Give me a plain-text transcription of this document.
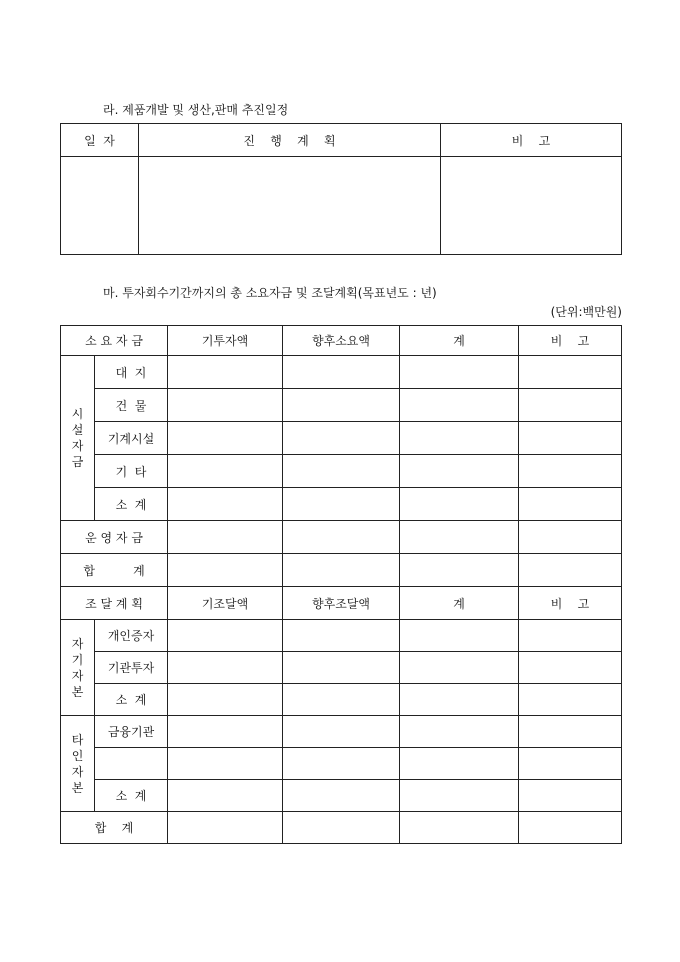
라. 제품개발 및 생산,판매 추진일정
일  자	진    행    계    획	비    고

마. 투자회수기간까지의 총 소요자금 및 조달계획(목표년도 : 년)
(단위:백만원)
소 요 자 금		기투자액	향후소요액	계	비    고

시
설
자
금	대  지				
	건  물				
	기계시설				
	기  타				
	소  계				
운 영 자 금					
합          계					
조 달 계 획		기조달액	향후조달액	계	비    고

자
기
자
본	개인증자				
	기관투자				
	소  계				

타
인
자
본	금융기관				

	소  계				
합    계					
